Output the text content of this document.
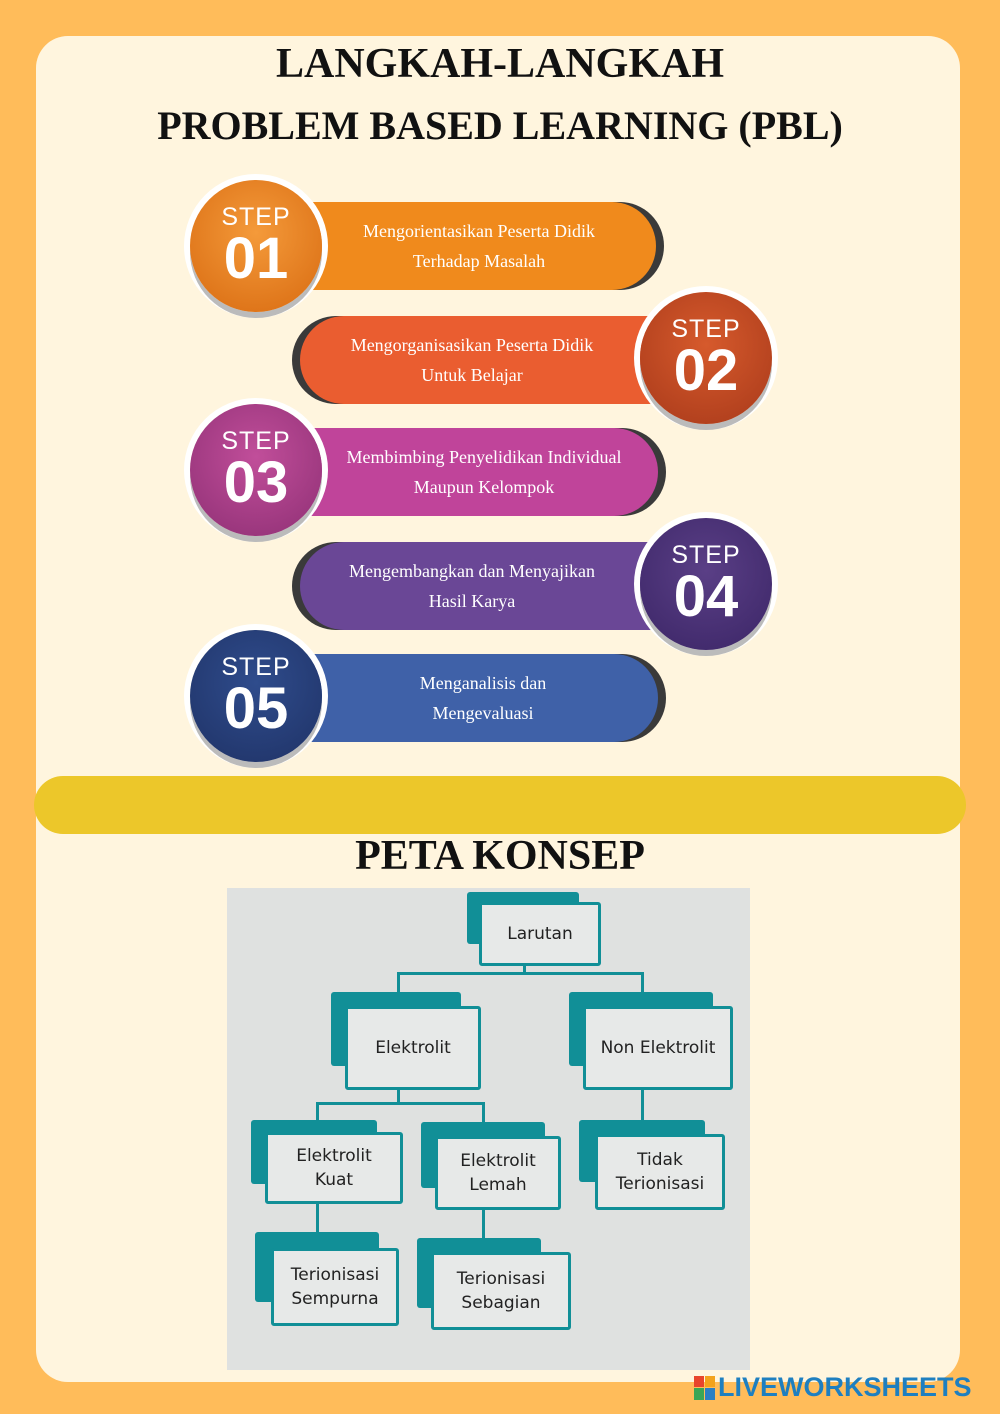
LANGKAH-LANGKAH
PROBLEM BASED LEARNING (PBL)
Mengorientasikan Peserta Didik
Terhadap Masalah
STEP
01
Mengorganisasikan Peserta Didik
Untuk Belajar
STEP
02
Membimbing Penyelidikan Individual
Maupun Kelompok
STEP
03
Mengembangkan dan Menyajikan
Hasil Karya
STEP
04
Menganalisis dan
Mengevaluasi
STEP
05
PETA KONSEP
Larutan
Elektrolit	Non Elektrolit
Elektrolit
Kuat
Elektrolit
Lemah
Tidak
Terionisasi
Terionisasi
Sempurna
Terionisasi
Sebagian
LIVEWORKSHEETS
